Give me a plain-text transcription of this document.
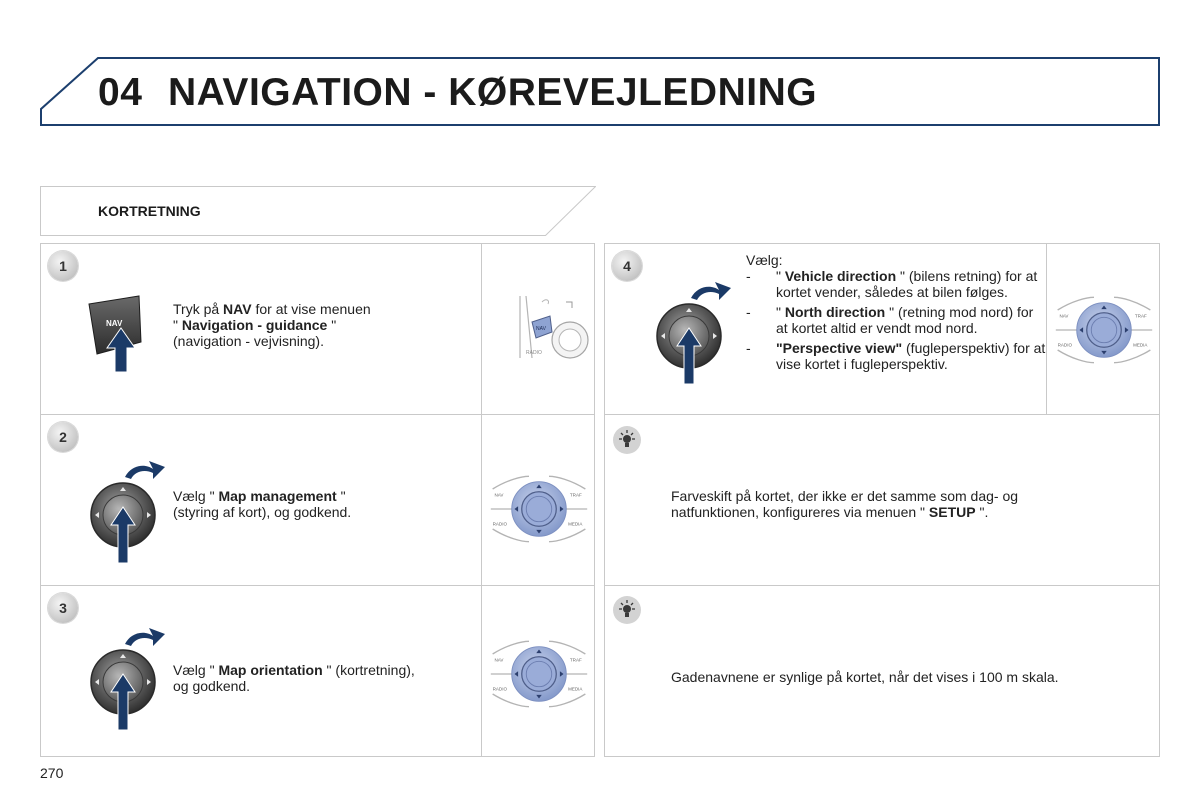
04 NAVIGATION - KØREVEJLEDNING
KORTRETNING
1
NAV
Tryk på NAV for at vise menuen
" Navigation - guidance "
(navigation - vejvisning).
NAV
RADIO
2
Vælg " Map management "
(styring af kort), og godkend.
NAV	TRAF
RADIO	MEDIA
3
Vælg " Map orientation " (kortretning),
og godkend.
NAV	TRAF
RADIO	MEDIA
4	Vælg:
- " Vehicle direction " (bilens retning) for at kortet vender, således at bilen følges.
- " North direction " (retning mod nord) for at kortet altid er vendt mod nord.
- "Perspective view" (fugleperspektiv) for at vise kortet i fugleperspektiv.
NAV	TRAF
RADIO	MEDIA
Farveskift på kortet, der ikke er det samme som dag- og natfunktionen, konfigureres via menuen " SETUP ".
Gadenavnene er synlige på kortet, når det vises i 100 m skala.
270
